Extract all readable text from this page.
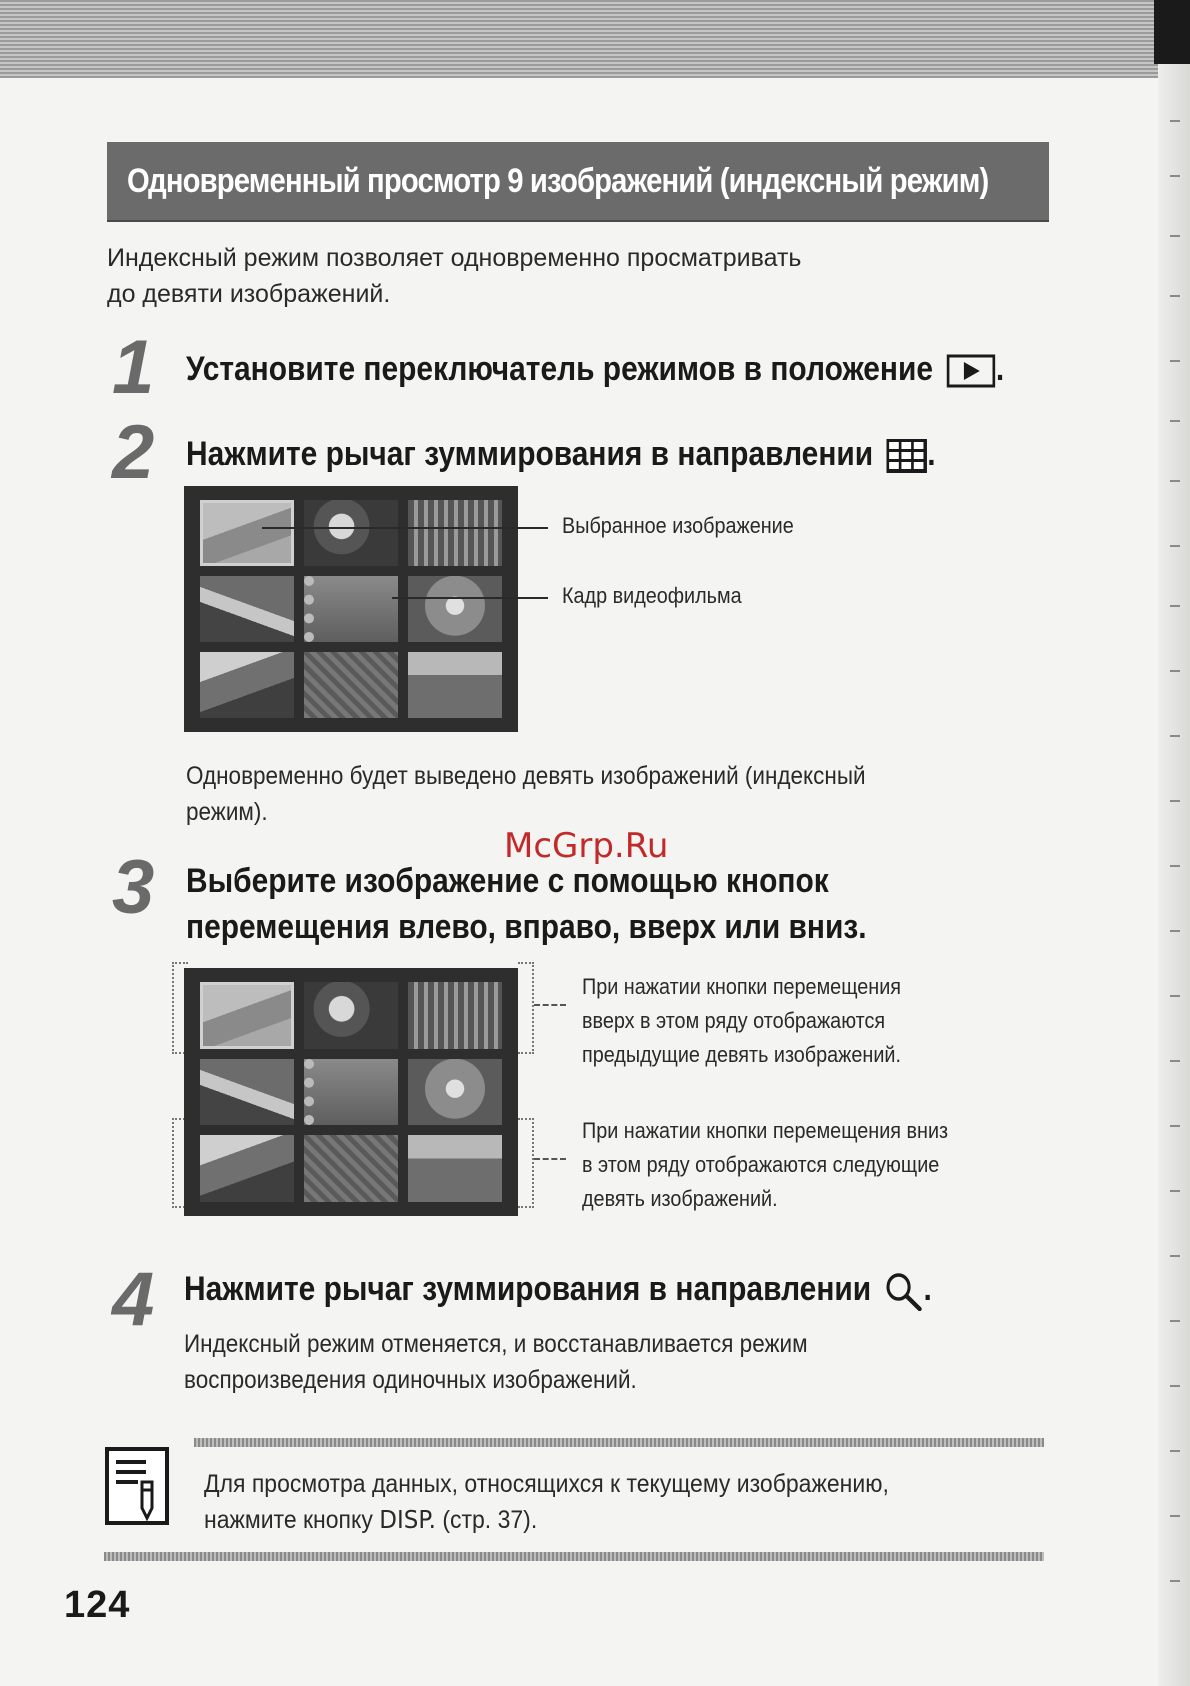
Одновременный просмотр 9 изображений (индексный режим)
Индексный режим позволяет одновременно просматривать
до девяти изображений.
1 Установите переключатель режимов в положение .
2 Нажмите рычаг зуммирования в направлении .
Выбранное изображение
Кадр видеофильма
Одновременно будет выведено девять изображений (индексный
режим).
McGrp.Ru
3 Выберите изображение с помощью кнопок
перемещения влево, вправо, вверх или вниз.
При нажатии кнопки перемещения
вверх в этом ряду отображаются
предыдущие девять изображений.
При нажатии кнопки перемещения вниз
в этом ряду отображаются следующие
девять изображений.
4 Нажмите рычаг зуммирования в направлении .
Индексный режим отменяется, и восстанавливается режим
воспроизведения одиночных изображений.
Для просмотра данных, относящихся к текущему изображению,
нажмите кнопку DISP. (стр. 37).
124
